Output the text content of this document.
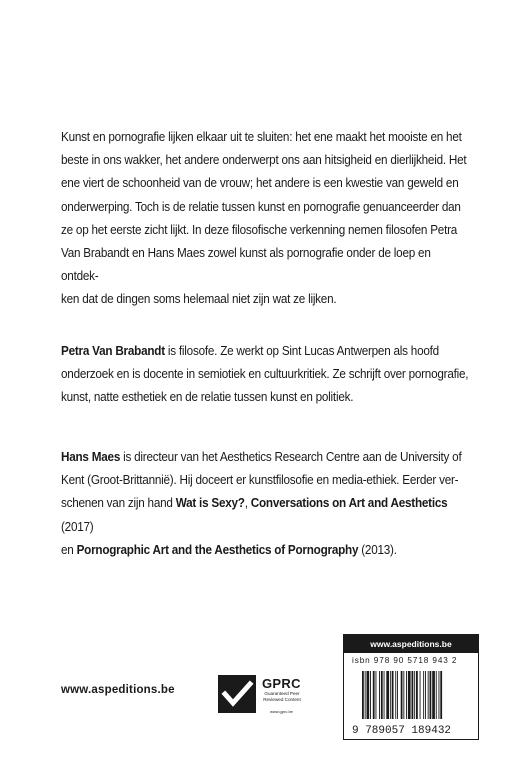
Kunst en pornografie lijken elkaar uit te sluiten: het ene maakt het mooiste en het

beste in ons wakker, het andere onderwerpt ons aan hitsigheid en dierlijkheid. Het

ene viert de schoonheid van de vrouw; het andere is een kwestie van geweld en

onderwerping. Toch is de relatie tussen kunst en pornografie genuanceerder dan

ze op het eerste zicht lijkt. In deze filosofische verkenning nemen filosofen Petra

Van Brabandt en Hans Maes zowel kunst als pornografie onder de loep en ontdek-

ken dat de dingen soms helemaal niet zijn wat ze lijken.

Petra Van Brabandt is filosofe. Ze werkt op Sint Lucas Antwerpen als hoofd

onderzoek en is docente in semiotiek en cultuurkritiek. Ze schrijft over pornografie,

kunst, natte esthetiek en de relatie tussen kunst en politiek.

Hans Maes is directeur van het Aesthetics Research Centre aan de University of

Kent (Groot-Brittannië). Hij doceert er kunstfilosofie en media-ethiek. Eerder ver-

schenen van zijn hand Wat is Sexy?, Conversations on Art and Aesthetics (2017)

en Pornographic Art and the Aesthetics of Pornography (2013).

www.aspeditions.be	GPRC
Guaranteed Peer Reviewed Content
www.gprc.be
www.aspeditions.be
isbn 978 90 5718 943 2
9 789057 189432
